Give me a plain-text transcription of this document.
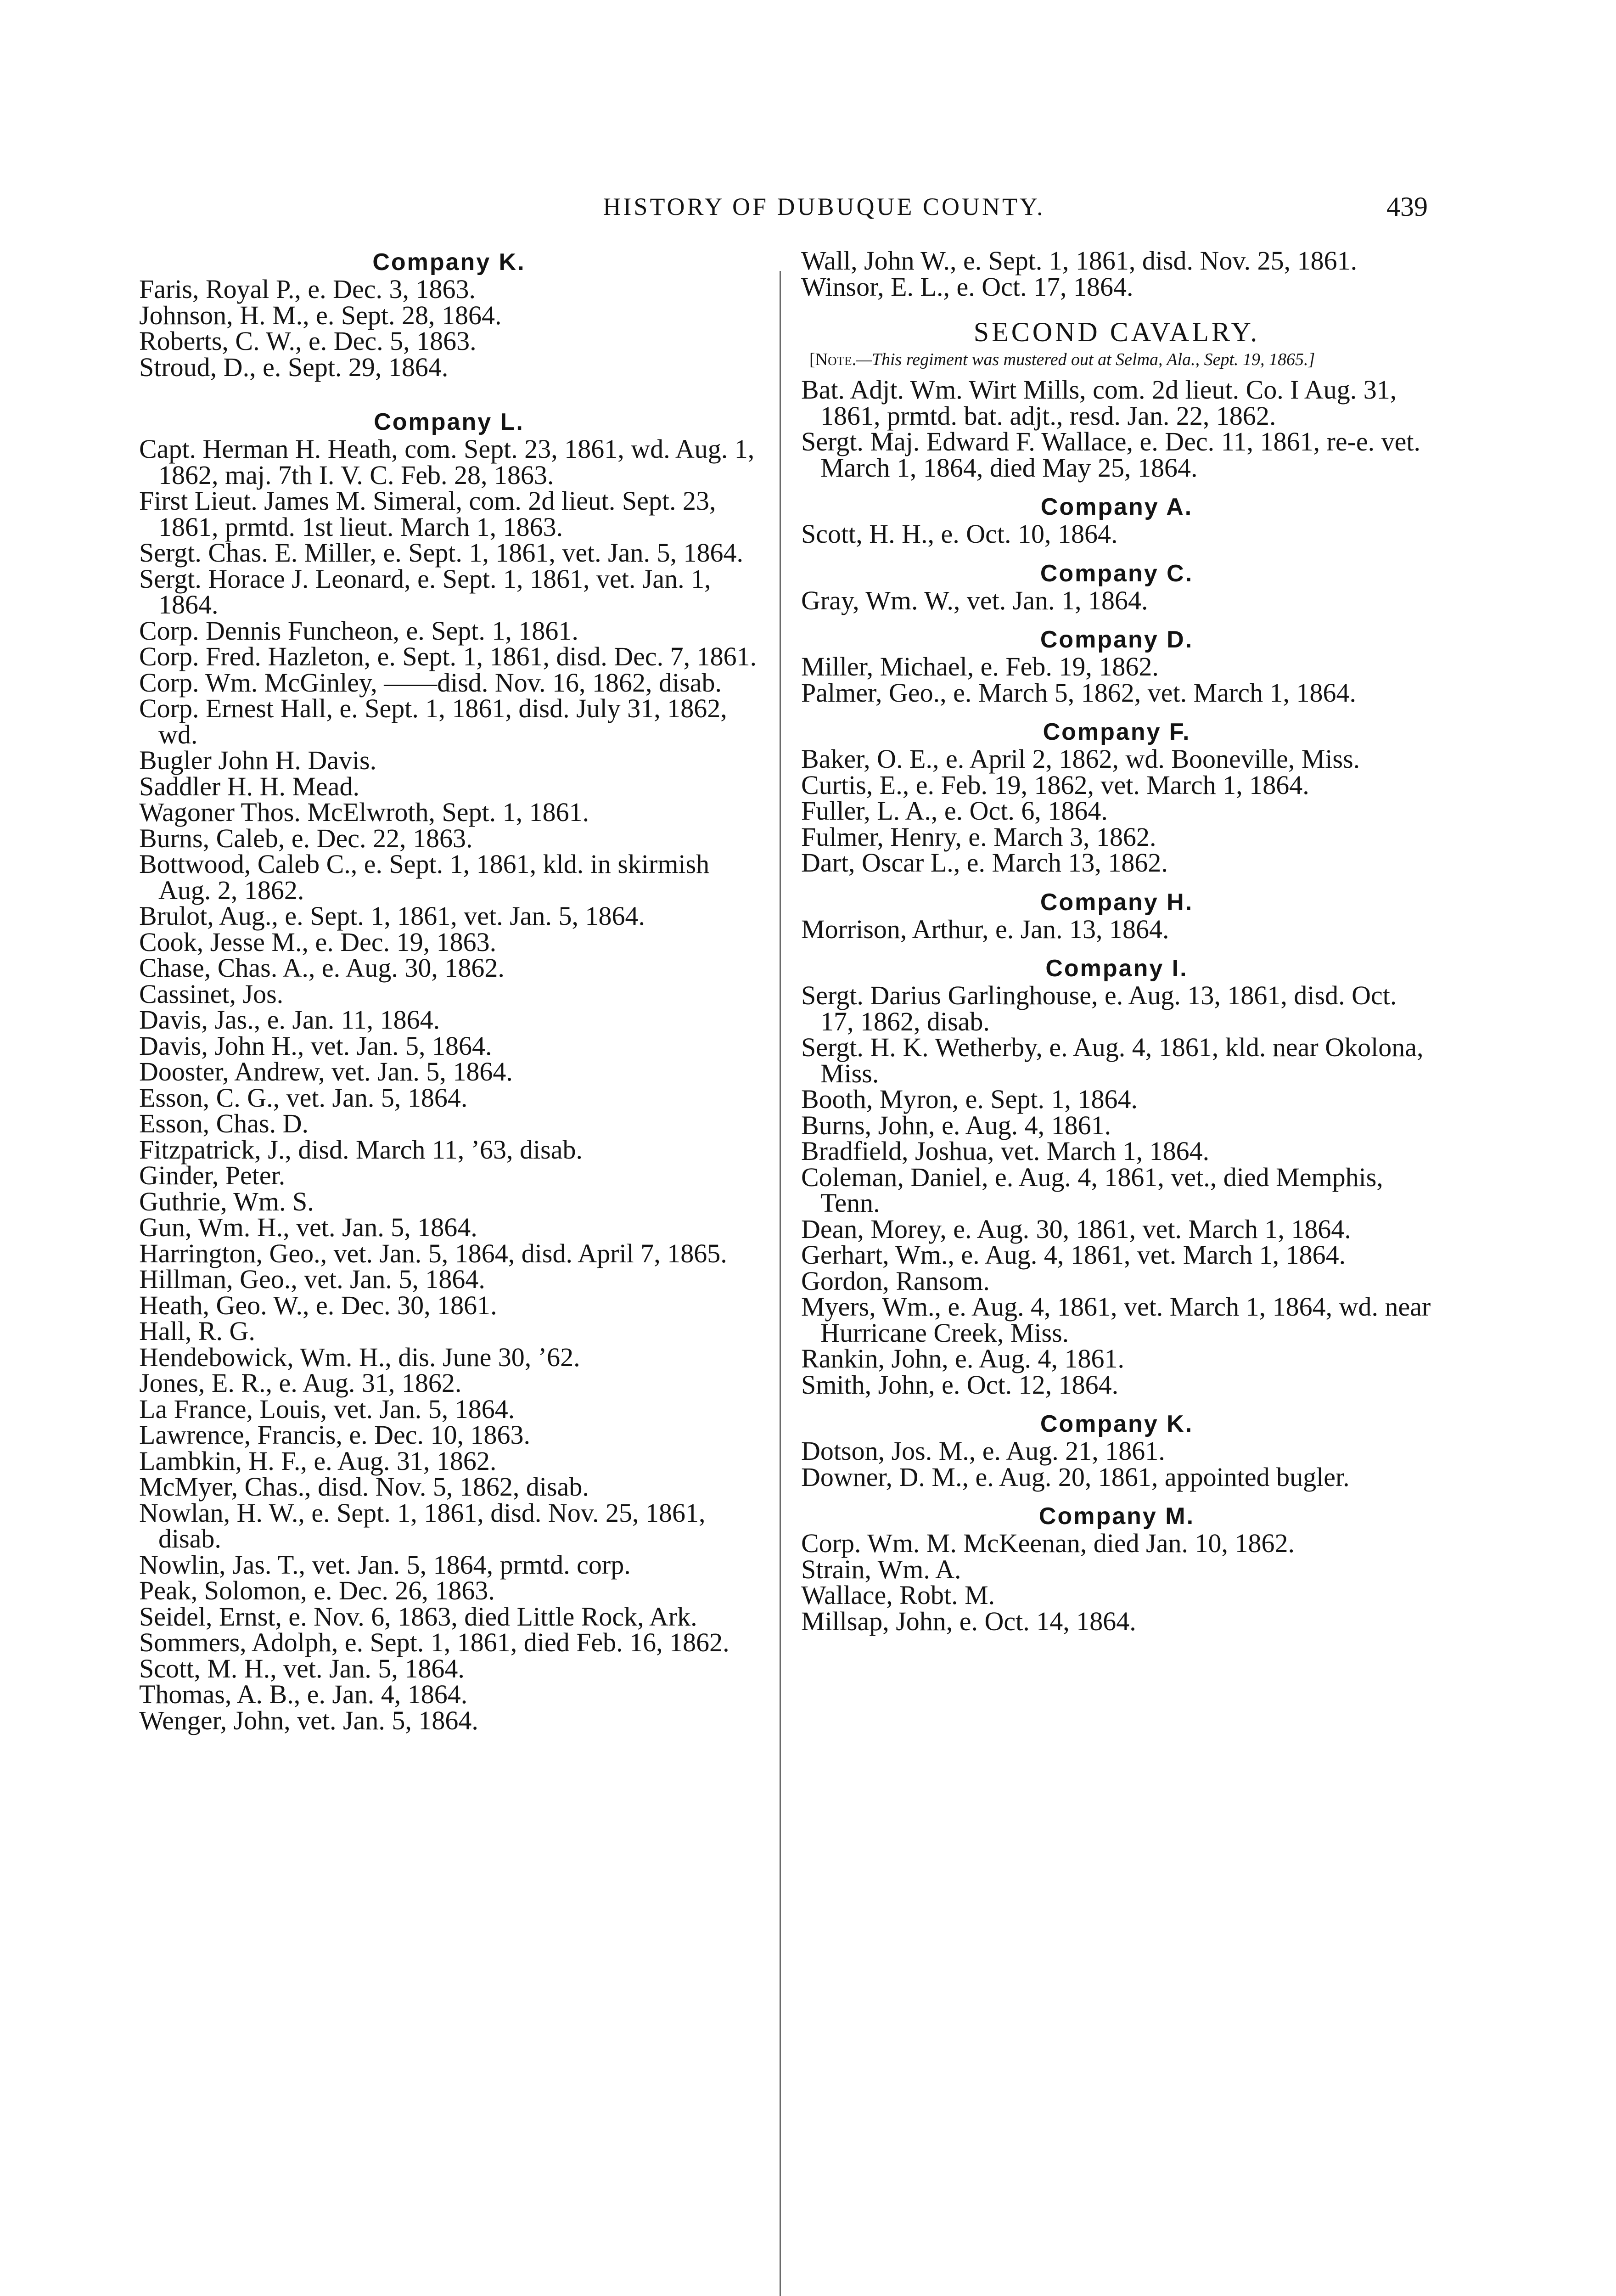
HISTORY OF DUBUQUE COUNTY.	439
Company K.

Faris, Royal P., e. Dec. 3, 1863.

Johnson, H. M., e. Sept. 28, 1864.

Roberts, C. W., e. Dec. 5, 1863.

Stroud, D., e. Sept. 29, 1864.

Company L.

Capt. Herman H. Heath, com. Sept. 23, 1861, wd. Aug. 1, 1862, maj. 7th I. V. C. Feb. 28, 1863.

First Lieut. James M. Simeral, com. 2d lieut. Sept. 23, 1861, prmtd. 1st lieut. March 1, 1863.

Sergt. Chas. E. Miller, e. Sept. 1, 1861, vet. Jan. 5, 1864.

Sergt. Horace J. Leonard, e. Sept. 1, 1861, vet. Jan. 1, 1864.

Corp. Dennis Funcheon, e. Sept. 1, 1861.

Corp. Fred. Hazleton, e. Sept. 1, 1861, disd. Dec. 7, 1861.

Corp. Wm. McGinley, ——disd. Nov. 16, 1862, disab.

Corp. Ernest Hall, e. Sept. 1, 1861, disd. July 31, 1862, wd.

Bugler John H. Davis.

Saddler H. H. Mead.

Wagoner Thos. McElwroth, Sept. 1, 1861.

Burns, Caleb, e. Dec. 22, 1863.

Bottwood, Caleb C., e. Sept. 1, 1861, kld. in skirmish Aug. 2, 1862.

Brulot, Aug., e. Sept. 1, 1861, vet. Jan. 5, 1864.

Cook, Jesse M., e. Dec. 19, 1863.

Chase, Chas. A., e. Aug. 30, 1862.

Cassinet, Jos.

Davis, Jas., e. Jan. 11, 1864.

Davis, John H., vet. Jan. 5, 1864.

Dooster, Andrew, vet. Jan. 5, 1864.

Esson, C. G., vet. Jan. 5, 1864.

Esson, Chas. D.

Fitzpatrick, J., disd. March 11, ’63, disab.

Ginder, Peter.

Guthrie, Wm. S.

Gun, Wm. H., vet. Jan. 5, 1864.

Harrington, Geo., vet. Jan. 5, 1864, disd. April 7, 1865.

Hillman, Geo., vet. Jan. 5, 1864.

Heath, Geo. W., e. Dec. 30, 1861.

Hall, R. G.

Hendebowick, Wm. H., dis. June 30, ’62.

Jones, E. R., e. Aug. 31, 1862.

La France, Louis, vet. Jan. 5, 1864.

Lawrence, Francis, e. Dec. 10, 1863.

Lambkin, H. F., e. Aug. 31, 1862.

McMyer, Chas., disd. Nov. 5, 1862, disab.

Nowlan, H. W., e. Sept. 1, 1861, disd. Nov. 25, 1861, disab.

Nowlin, Jas. T., vet. Jan. 5, 1864, prmtd. corp.

Peak, Solomon, e. Dec. 26, 1863.

Seidel, Ernst, e. Nov. 6, 1863, died Little Rock, Ark.

Sommers, Adolph, e. Sept. 1, 1861, died Feb. 16, 1862.

Scott, M. H., vet. Jan. 5, 1864.

Thomas, A. B., e. Jan. 4, 1864.

Wenger, John, vet. Jan. 5, 1864.

Wall, John W., e. Sept. 1, 1861, disd. Nov. 25, 1861.

Winsor, E. L., e. Oct. 17, 1864.

SECOND CAVALRY.
[Note.—This regiment was mustered out at Selma, Ala., Sept. 19, 1865.]

Bat. Adjt. Wm. Wirt Mills, com. 2d lieut. Co. I Aug. 31, 1861, prmtd. bat. adjt., resd. Jan. 22, 1862.

Sergt. Maj. Edward F. Wallace, e. Dec. 11, 1861, re-e. vet. March 1, 1864, died May 25, 1864.

Company A.

Scott, H. H., e. Oct. 10, 1864.

Company C.

Gray, Wm. W., vet. Jan. 1, 1864.

Company D.

Miller, Michael, e. Feb. 19, 1862.

Palmer, Geo., e. March 5, 1862, vet. March 1, 1864.

Company F.

Baker, O. E., e. April 2, 1862, wd. Booneville, Miss.

Curtis, E., e. Feb. 19, 1862, vet. March 1, 1864.

Fuller, L. A., e. Oct. 6, 1864.

Fulmer, Henry, e. March 3, 1862.

Dart, Oscar L., e. March 13, 1862.

Company H.

Morrison, Arthur, e. Jan. 13, 1864.

Company I.

Sergt. Darius Garlinghouse, e. Aug. 13, 1861, disd. Oct. 17, 1862, disab.

Sergt. H. K. Wetherby, e. Aug. 4, 1861, kld. near Okolona, Miss.

Booth, Myron, e. Sept. 1, 1864.

Burns, John, e. Aug. 4, 1861.

Bradfield, Joshua, vet. March 1, 1864.

Coleman, Daniel, e. Aug. 4, 1861, vet., died Memphis, Tenn.

Dean, Morey, e. Aug. 30, 1861, vet. March 1, 1864.

Gerhart, Wm., e. Aug. 4, 1861, vet. March 1, 1864.

Gordon, Ransom.

Myers, Wm., e. Aug. 4, 1861, vet. March 1, 1864, wd. near Hurricane Creek, Miss.

Rankin, John, e. Aug. 4, 1861.

Smith, John, e. Oct. 12, 1864.

Company K.

Dotson, Jos. M., e. Aug. 21, 1861.

Downer, D. M., e. Aug. 20, 1861, appointed bugler.

Company M.

Corp. Wm. M. McKeenan, died Jan. 10, 1862.

Strain, Wm. A.

Wallace, Robt. M.

Millsap, John, e. Oct. 14, 1864.
